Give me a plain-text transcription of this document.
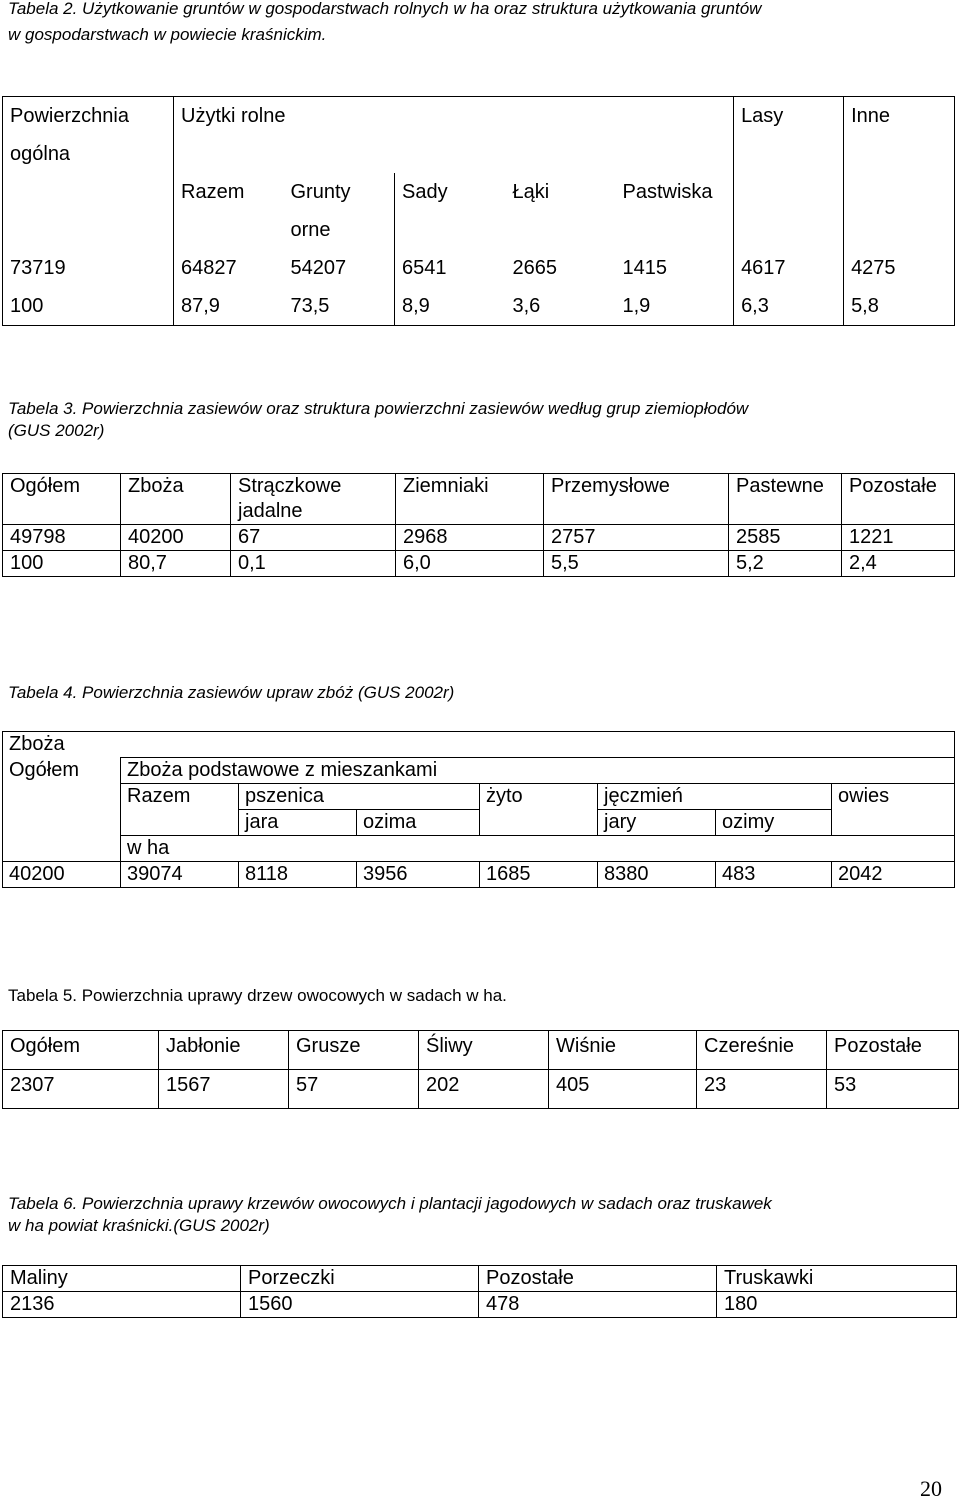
Tabela 2. Użytkowanie gruntów w gospodarstwach rolnych w ha oraz struktura użytkowania gruntów
w gospodarstwach w powiecie kraśnickim.
Powierzchnia	Użytki rolne					Lasy	Inne
ogólna							
	Razem	Grunty	Sady	Łąki	Pastwiska		
		orne					
73719	64827	54207	6541	2665	1415	4617	4275
100	87,9	73,5	8,9	3,6	1,9	6,3	5,8
Tabela 3. Powierzchnia zasiewów oraz struktura powierzchni zasiewów według grup ziemiopłodów
(GUS 2002r)
Ogółem	Zboża	Strączkowe	Ziemniaki	Przemysłowe	Pastewne	Pozostałe
		jadalne				
49798	40200	67	2968	2757	2585	1221
100	80,7	0,1	6,0	5,5	5,2	2,4
Tabela 4. Powierzchnia zasiewów upraw zbóż (GUS 2002r)
Zboża							
Ogółem	Zboża podstawowe z mieszankami						
	Razem	pszenica		żyto	jęczmień		owies
		jara	ozima		jary	ozimy	
	w ha						
40200	39074	8118	3956	1685	8380	483	2042
Tabela 5. Powierzchnia uprawy drzew owocowych w sadach w ha.
Ogółem	Jabłonie	Grusze	Śliwy	Wiśnie	Czereśnie	Pozostałe
2307	1567	57	202	405	23	53
Tabela 6. Powierzchnia uprawy krzewów owocowych i plantacji jagodowych w sadach oraz truskawek
w ha powiat kraśnicki.(GUS 2002r)
Maliny	Porzeczki	Pozostałe	Truskawki
2136	1560	478	180
20
